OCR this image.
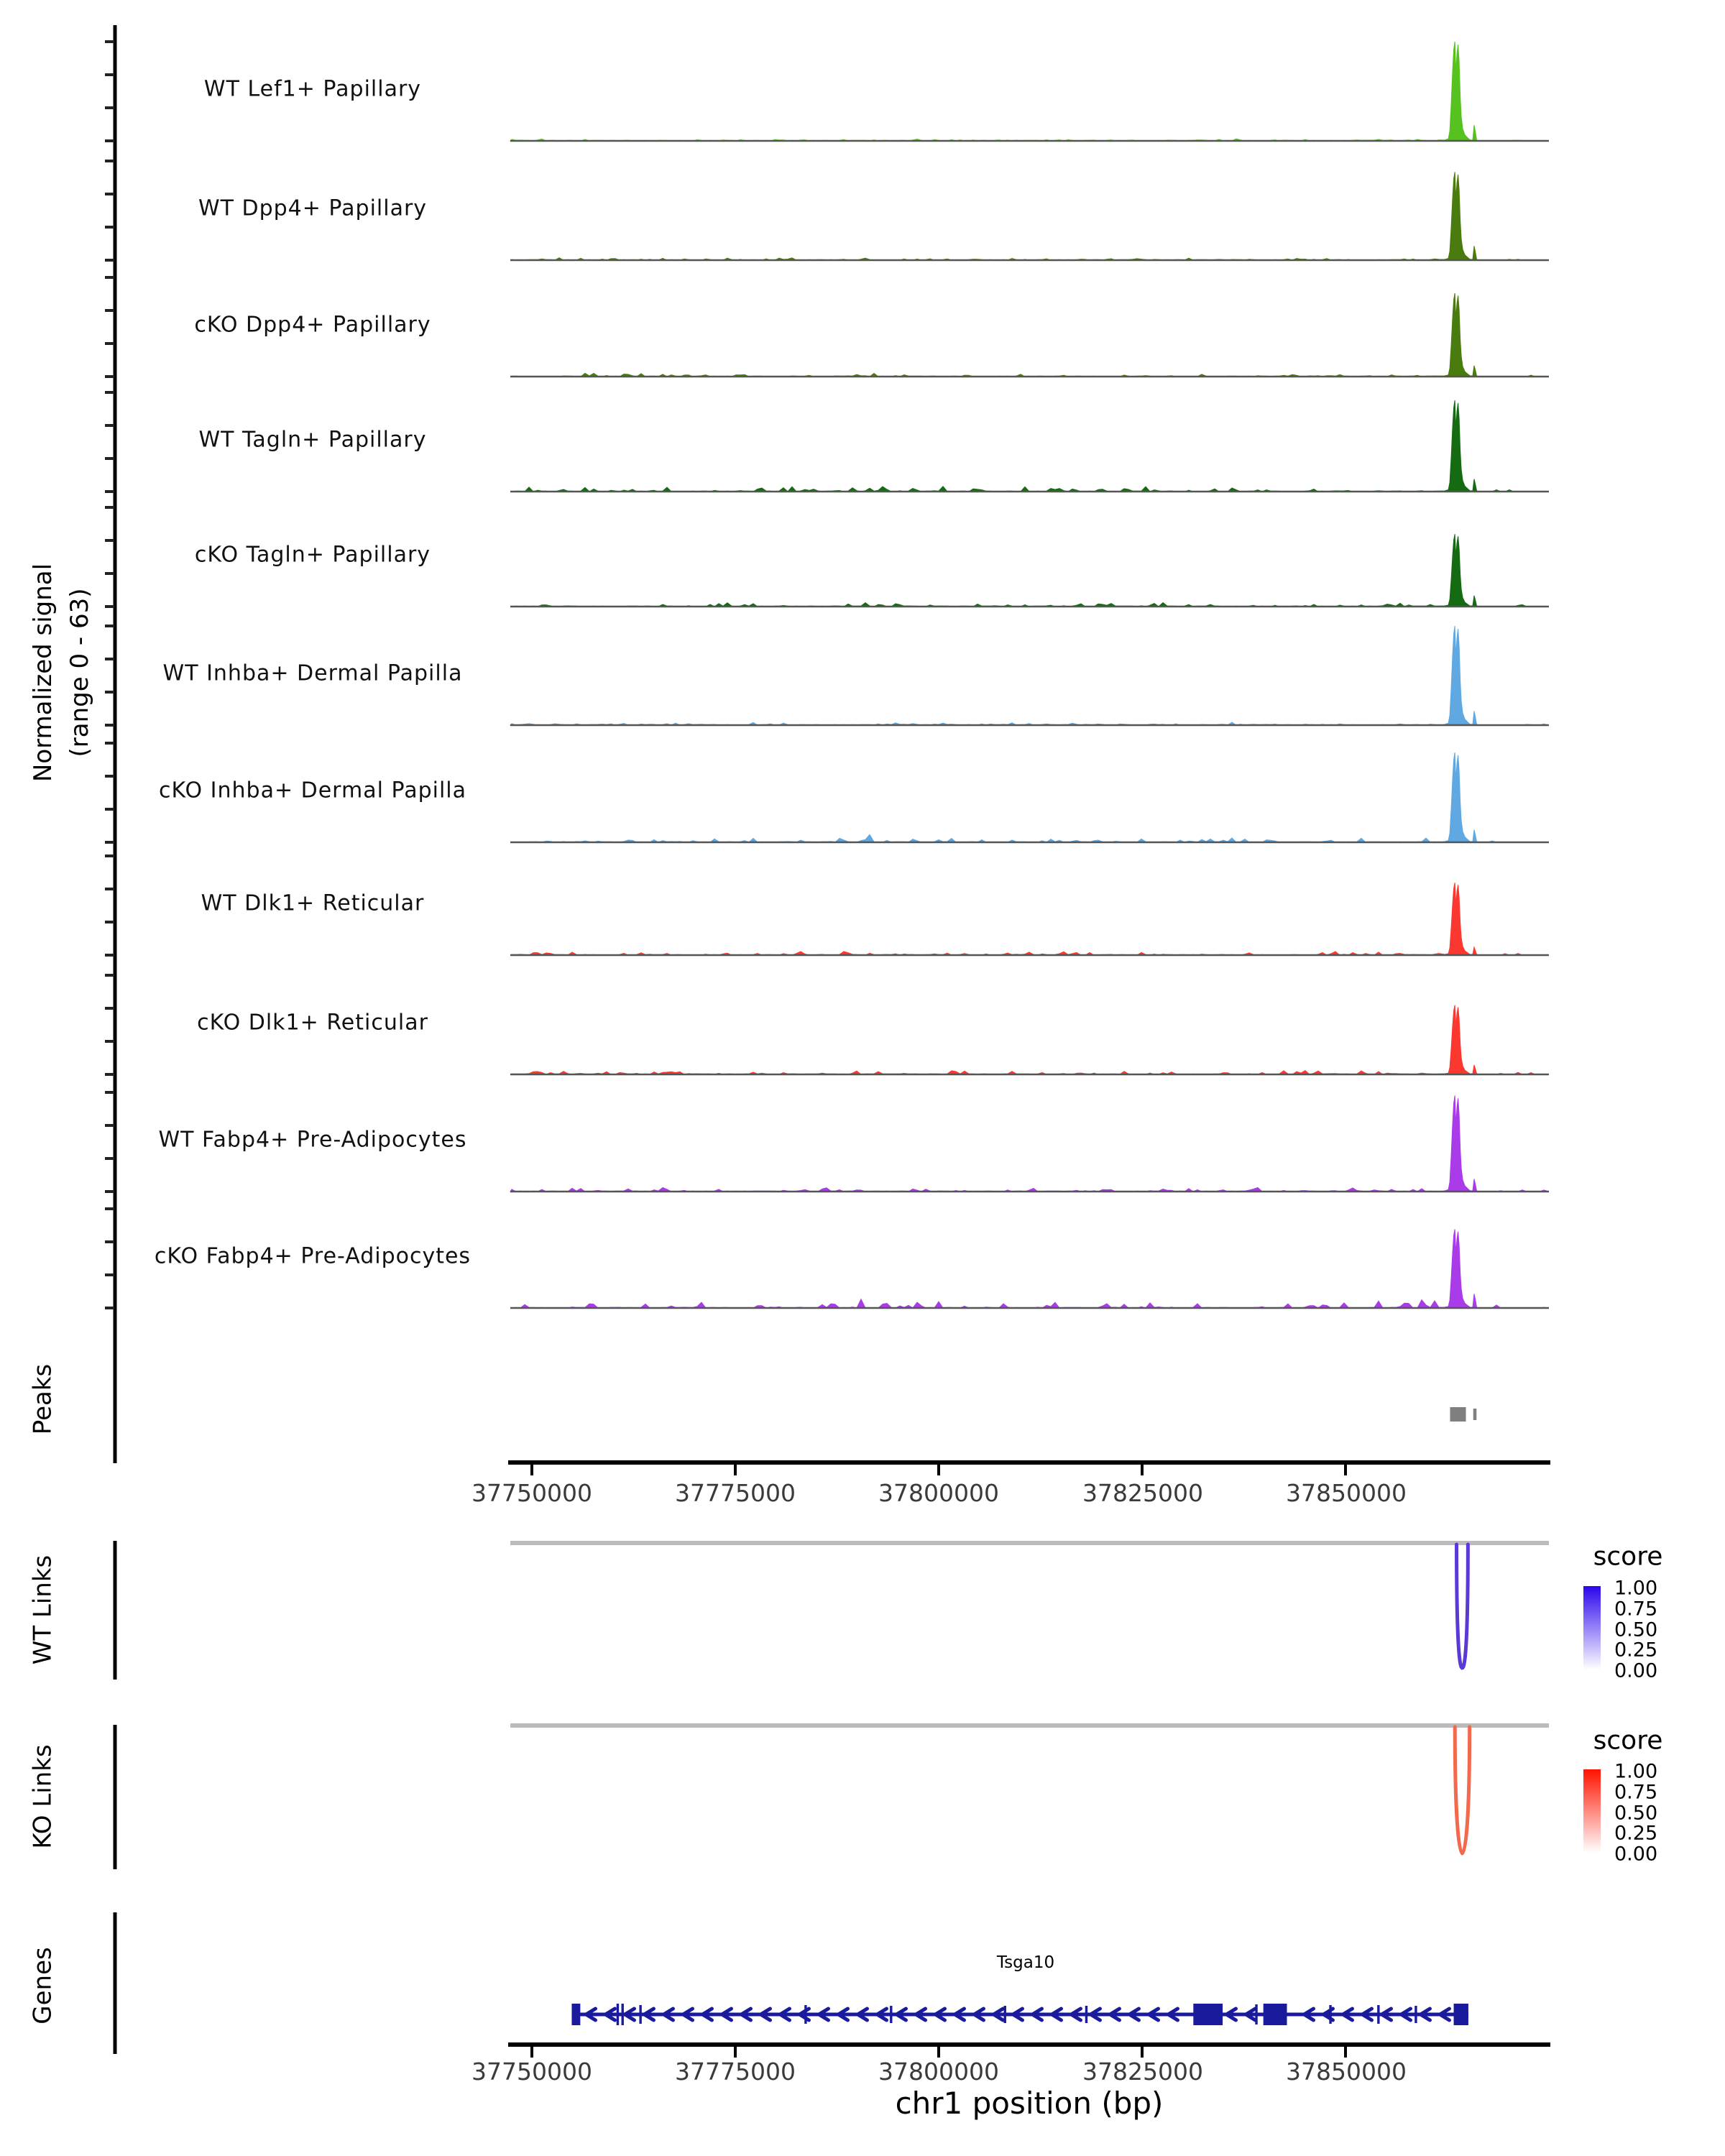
Normalized signal (range 0 - 63)
Peaks
WT Links
KO Links
Genes
WT Lef1+ Papillary
WT Dpp4+ Papillary
cKO Dpp4+ Papillary
WT Tagln+ Papillary
cKO Tagln+ Papillary
WT Inhba+ Dermal Papilla
cKO Inhba+ Dermal Papilla
WT Dlk1+ Reticular
cKO Dlk1+ Reticular
WT Fabp4+ Pre-Adipocytes
cKO Fabp4+ Pre-Adipocytes
37750000	37775000	37800000	37825000	37850000
37750000	37775000	37800000	37825000	37850000
chr1 position (bp)
score
1.00
0.75
0.50
0.25
0.00
score
1.00
0.75
0.50
0.25
0.00
Tsga10
